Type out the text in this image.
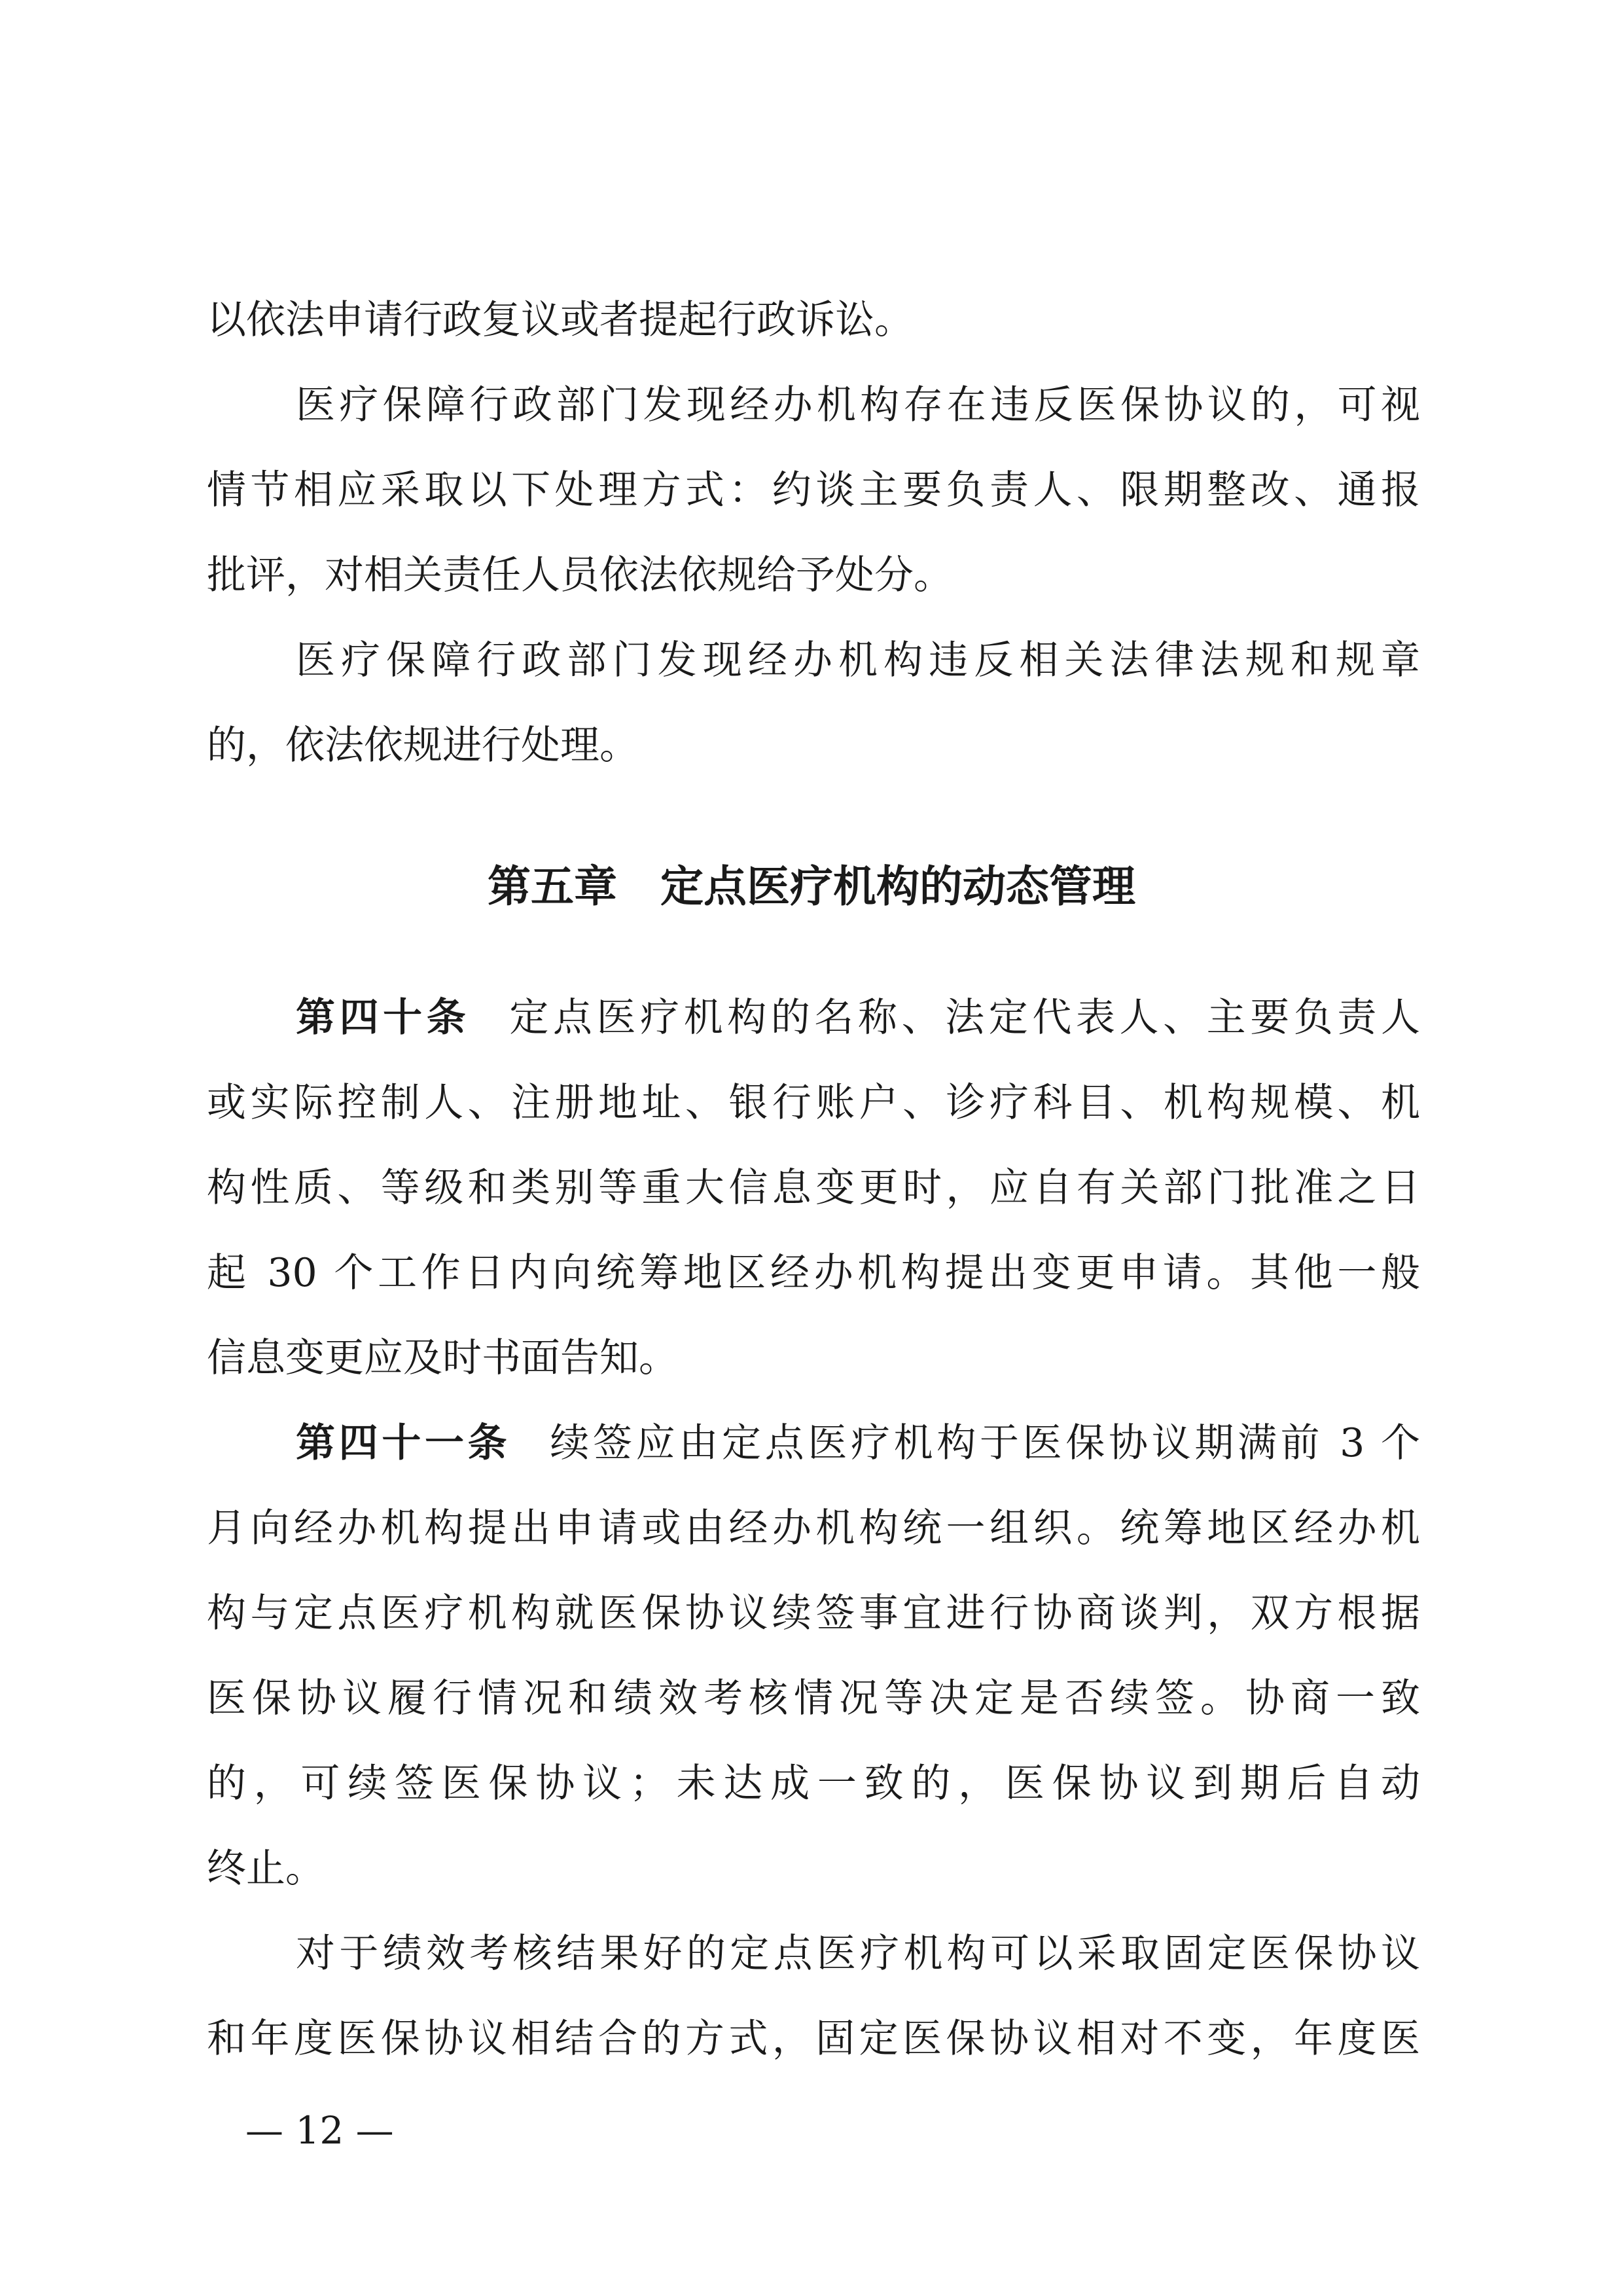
以依法申请行政复议或者提起行政诉讼。
医疗保障行政部门发现经办机构存在违反医保协议的，可视
情节相应采取以下处理方式：约谈主要负责人、限期整改、通报
批评，对相关责任人员依法依规给予处分。
医疗保障行政部门发现经办机构违反相关法律法规和规章
的，依法依规进行处理。
第五章　定点医疗机构的动态管理
第四十条 定点医疗机构的名称、法定代表人、主要负责人
或实际控制人、注册地址、银行账户、诊疗科目、机构规模、机
构性质、等级和类别等重大信息变更时，应自有关部门批准之日
起 30 个工作日内向统筹地区经办机构提出变更申请。其他一般
信息变更应及时书面告知。
第四十一条 续签应由定点医疗机构于医保协议期满前 3 个
月向经办机构提出申请或由经办机构统一组织。统筹地区经办机
构与定点医疗机构就医保协议续签事宜进行协商谈判，双方根据
医保协议履行情况和绩效考核情况等决定是否续签。协商一致
的，可续签医保协议；未达成一致的，医保协议到期后自动
终止。
对于绩效考核结果好的定点医疗机构可以采取固定医保协议
和年度医保协议相结合的方式，固定医保协议相对不变，年度医
— 12 —
